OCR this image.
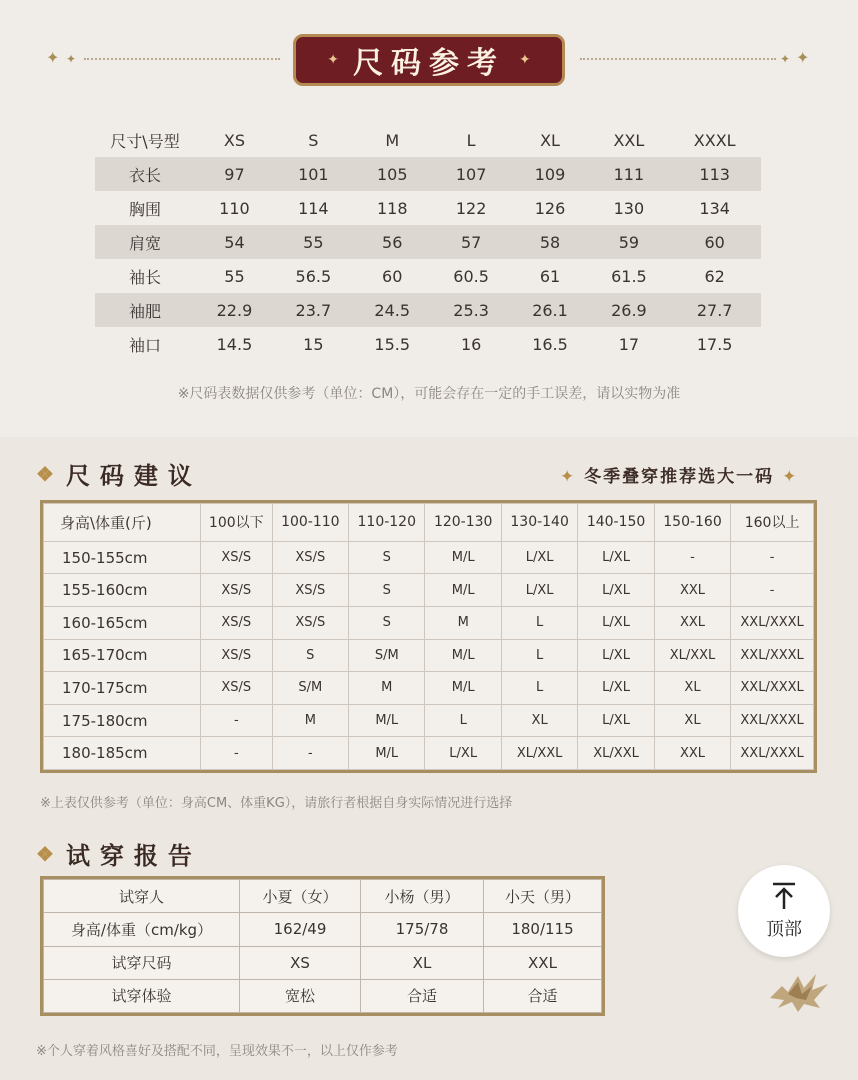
✦ ✦	✦ 尺码参考 ✦	✦ ✦
尺寸\号型	XS	S	M	L	XL	XXL	XXXL
衣长	97	101	105	107	109	111	113
胸围	110	114	118	122	126	130	134
肩宽	54	55	56	57	58	59	60
袖长	55	56.5	60	60.5	61	61.5	62
袖肥	22.9	23.7	24.5	25.3	26.1	26.9	27.7
袖口	14.5	15	15.5	16	16.5	17	17.5
※尺码表数据仅供参考（单位：CM），可能会存在一定的手工误差，请以实物为准
❖ 尺码建议	✦ 冬季叠穿推荐选大一码 ✦
身高\体重(斤)	100以下	100-110	110-120	120-130	130-140	140-150	150-160	160以上
150-155cm	XS/S	XS/S	S	M/L	L/XL	L/XL	-	-
155-160cm	XS/S	XS/S	S	M/L	L/XL	L/XL	XXL	-
160-165cm	XS/S	XS/S	S	M	L	L/XL	XXL	XXL/XXXL
165-170cm	XS/S	S	S/M	M/L	L	L/XL	XL/XXL	XXL/XXXL
170-175cm	XS/S	S/M	M	M/L	L	L/XL	XL	XXL/XXXL
175-180cm	-	M	M/L	L	XL	L/XL	XL	XXL/XXXL
180-185cm	-	-	M/L	L/XL	XL/XXL	XL/XXL	XXL	XXL/XXXL
※上表仅供参考（单位：身高CM、体重KG），请旅行者根据自身实际情况进行选择
❖ 试穿报告
试穿人	小夏（女）	小杨（男）	小天（男）
身高/体重（cm/kg）	162/49	175/78	180/115
试穿尺码	XS	XL	XXL
试穿体验	宽松	合适	合适
※个人穿着风格喜好及搭配不同，呈现效果不一，以上仅作参考
顶部
